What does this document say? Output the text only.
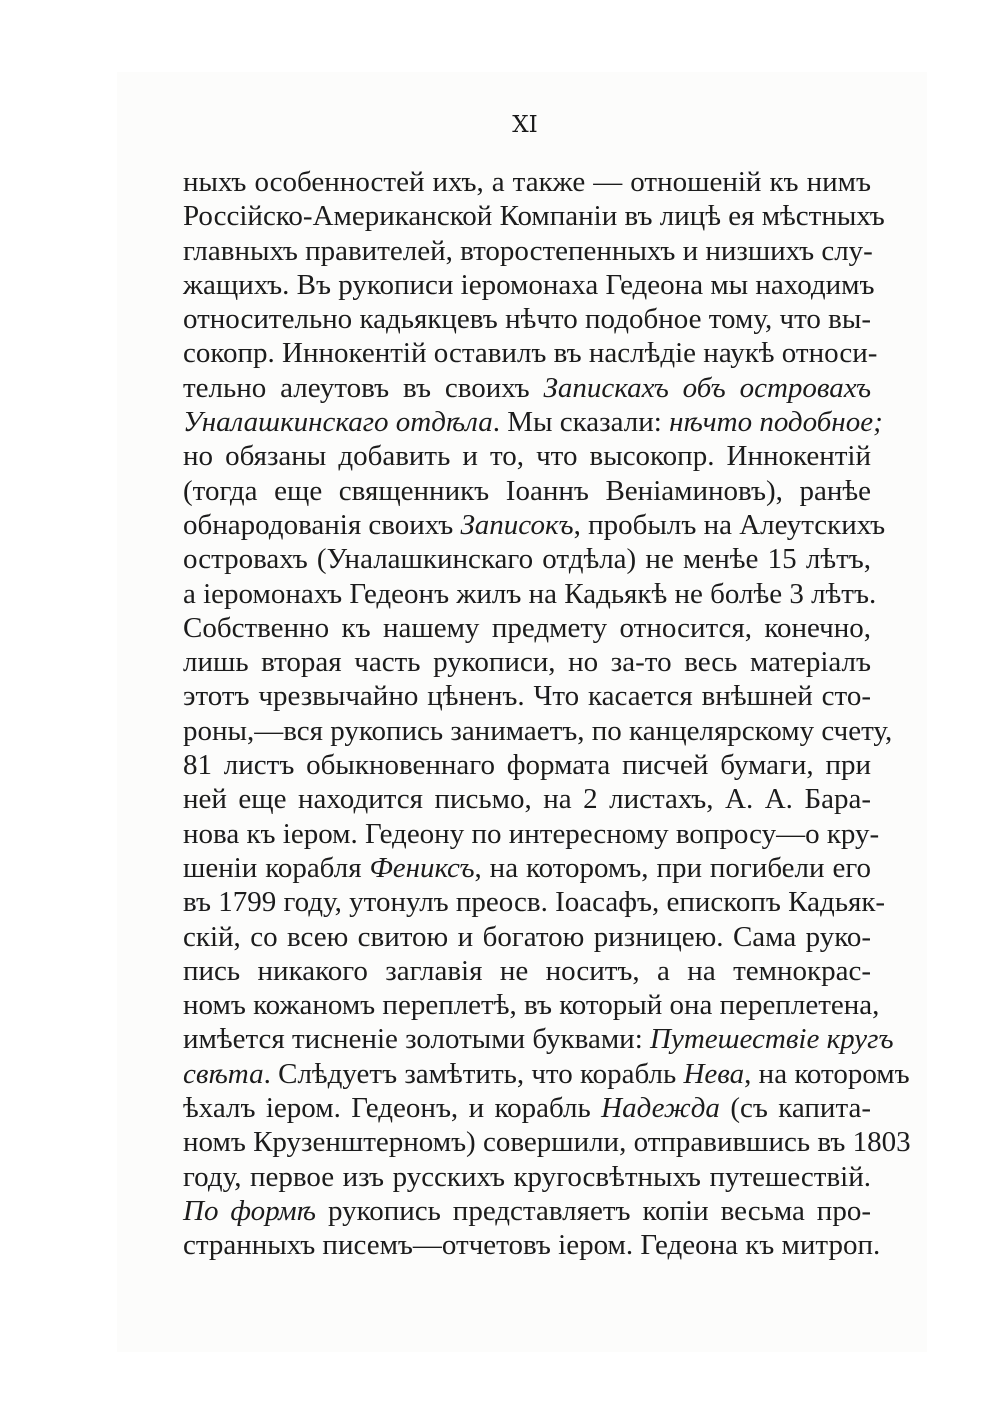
XI
ныхъ особенностей ихъ, а также — отношеній къ нимъ
Россійско-Американской Компаніи въ лицѣ ея мѣстныхъ
главныхъ правителей, второстепенныхъ и низшихъ слу-
жащихъ. Въ рукописи іеромонаха Гедеона мы находимъ
относительно кадьякцевъ нѣчто подобное тому, что вы-
сокопр. Иннокентій оставилъ въ наслѣдіе наукѣ относи-
тельно алеутовъ въ своихъ Запискахъ объ островахъ
Уналашкинскаго отдѣла. Мы сказали: нѣчто подобное;
но обязаны добавить и то, что высокопр. Иннокентій
(тогда еще священникъ Іоаннъ Веніаминовъ), ранѣе
обнародованія своихъ Записокъ, пробылъ на Алеутскихъ
островахъ (Уналашкинскаго отдѣла) не менѣе 15 лѣтъ,
а іеромонахъ Гедеонъ жилъ на Кадьякѣ не болѣе 3 лѣтъ.
Собственно къ нашему предмету относится, конечно,
лишь вторая часть рукописи, но за-то весь матеріалъ
этотъ чрезвычайно цѣненъ. Что касается внѣшней сто-
роны,—вся рукопись занимаетъ, по канцелярскому счету,
81 листъ обыкновеннаго формата писчей бумаги, при
ней еще находится письмо, на 2 листахъ, А. А. Бара-
нова къ іером. Гедеону по интересному вопросу—о кру-
шеніи корабля Фениксъ, на которомъ, при погибели его
въ 1799 году, утонулъ преосв. Іоасафъ, епископъ Кадьяк-
скій, со всею свитою и богатою ризницею. Сама руко-
пись никакого заглавія не носитъ, а на темнокрас-
номъ кожаномъ переплетѣ, въ который она переплетена,
имѣется тисненіе золотыми буквами: Путешествіе кругъ
свѣта. Слѣдуетъ замѣтить, что корабль Нева, на которомъ
ѣхалъ іером. Гедеонъ, и корабль Надежда (съ капита-
номъ Крузенштерномъ) совершили, отправившись въ 1803
году, первое изъ русскихъ кругосвѣтныхъ путешествій.
По формѣ рукопись представляетъ копіи весьма про-
странныхъ писемъ—отчетовъ іером. Гедеона къ митроп.
